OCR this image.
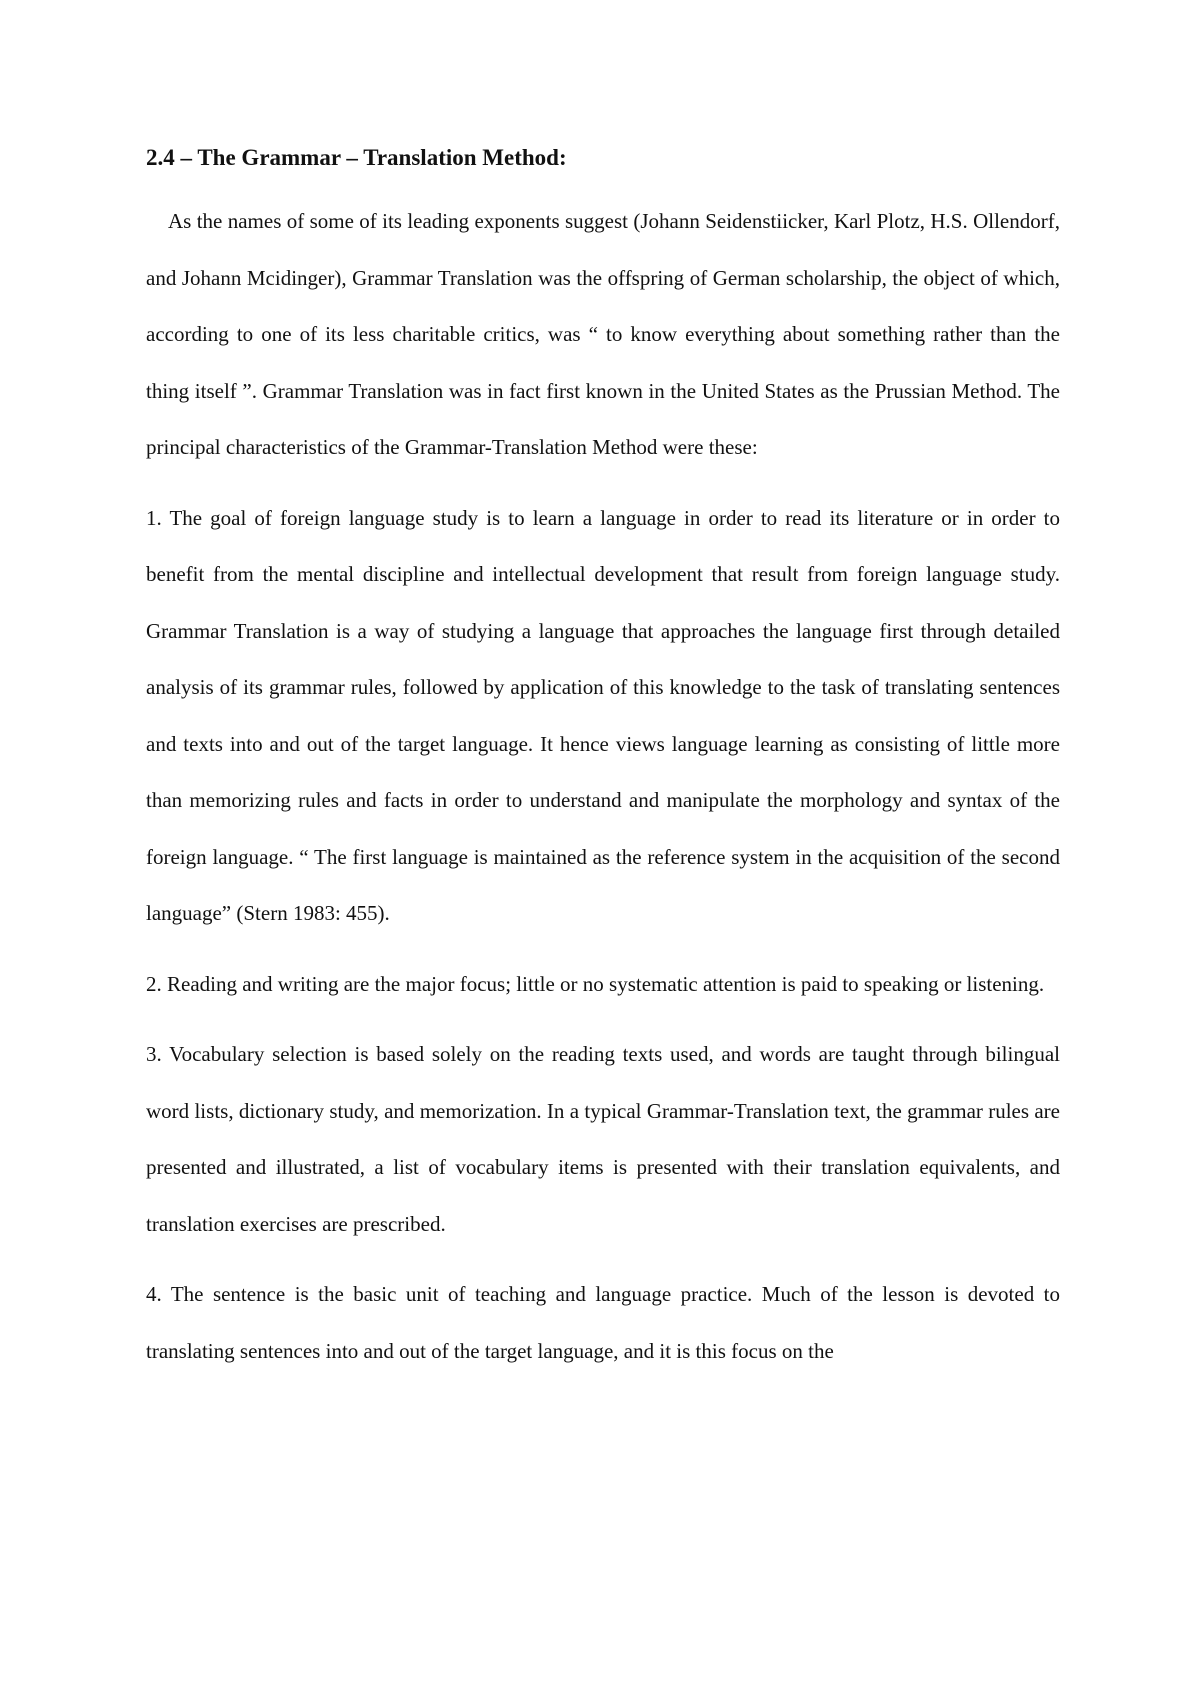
2.4 – The Grammar – Translation Method:

As the names of some of its leading exponents suggest (Johann Seidenstiicker, Karl Plotz, H.S. Ollendorf, and Johann Mcidinger), Grammar Translation was the offspring of German scholarship, the object of which, according to one of its less charitable critics, was “ to know everything about something rather than the thing itself ”. Grammar Translation was in fact first known in the United States as the Prussian Method. The principal characteristics of the Grammar-Translation Method were these:

1. The goal of foreign language study is to learn a language in order to read its literature or in order to benefit from the mental discipline and intellectual development that result from foreign language study. Grammar Translation is a way of studying a language that approaches the language first through detailed analysis of its grammar rules, followed by application of this knowledge to the task of translating sentences and texts into and out of the target language. It hence views language learning as consisting of little more than memorizing rules and facts in order to understand and manipulate the morphology and syntax of the foreign language. “ The first language is maintained as the reference system in the acquisition of the second language” (Stern 1983: 455).

2. Reading and writing are the major focus; little or no systematic attention is paid to speaking or listening.

3. Vocabulary selection is based solely on the reading texts used, and words are taught through bilingual word lists, dictionary study, and memorization. In a typical Grammar-Translation text, the grammar rules are presented and illustrated, a list of vocabulary items is presented with their translation equivalents, and translation exercises are prescribed.

4. The sentence is the basic unit of teaching and language practice. Much of the lesson is devoted to translating sentences into and out of the target language, and it is this focus on the
